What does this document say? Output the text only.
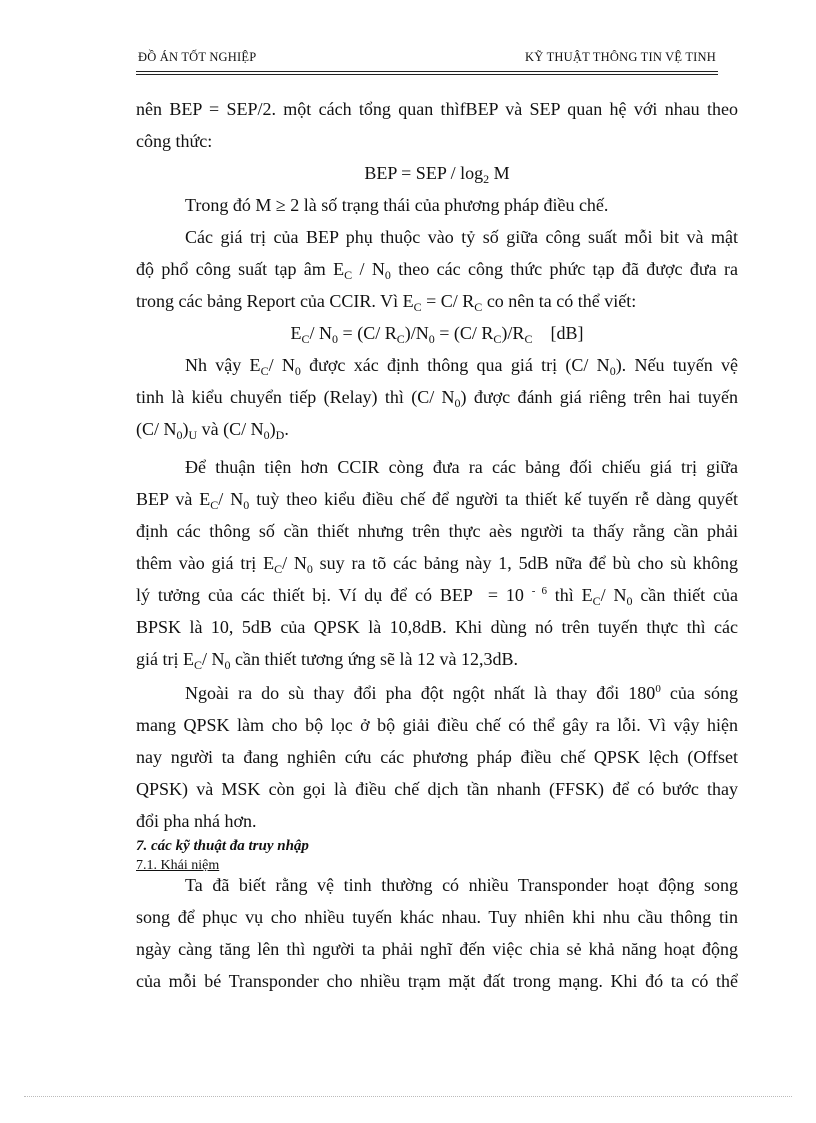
ĐỒ ÁN TỐT NGHIỆP	KỸ THUẬT THÔNG TIN VỆ TINH
nên BEP = SEP/2. một cách tổng quan thìfBEP và SEP quan hệ với nhau theo
công thức:
BEP = SEP / $\log_2 M$
Trong đó M ≥ 2 là số trạng thái của phương pháp điều chế.
Các giá trị của BEP phụ thuộc vào tỷ số giữa công suất mỗi bit và mật
độ phổ công suất tạp âm $E_C / N_0$ theo các công thức phức tạp đã được đưa ra
trong các bảng Report của CCIR. Vì $E_C = C/$ $R_C$ co nên ta có thể viết:
$E_C/$ $N_0 = (C/$ $R_C)/N_0 = (C/$ $R_C)/R_C$    [dB]
Nh vậy $E_C/$ $N_0$ được xác định thông qua giá trị (C/ $N_0$). Nếu tuyến vệ
tinh là kiểu chuyển tiếp (Relay) thì (C/ $N_0$) được đánh giá riêng trên hai tuyến
(C/ $N_0)_U$ và (C/ $N_0)_D$.
Để thuận tiện hơn CCIR còng đưa ra các bảng đối chiếu giá trị giữa
BEP và $E_C/$ $N_0$ tuỳ theo kiểu điều chế để người ta thiết kế tuyến rễ dàng quyết
định các thông số cần thiết nhưng trên thực aès người ta thấy rằng cần phải
thêm vào giá trị $E_C/$ $N_0$ suy ra tõ các bảng này 1, 5dB nữa để bù cho sù không
lý tưởng của các thiết bị. Ví dụ để có BEP  = 10 $^{- 6}$ thì $E_C/$ $N_0$ cần thiết của
BPSK là 10, 5dB của QPSK là 10,8dB. Khi dùng nó trên tuyến thực thì các
giá trị $E_C/$ $N_0$ cần thiết tương ứng sẽ là 12 và 12,3dB.
Ngoài ra do sù thay đổi pha đột ngột nhất là thay đổi $180^0$ của sóng
mang QPSK làm cho bộ lọc ở bộ giải điều chế có thể gây ra lỗi. Vì vậy hiện
nay người ta đang nghiên cứu các phương pháp điều chế QPSK lệch (Offset
QPSK) và MSK còn gọi là điều chế dịch tần nhanh (FFSK) để có bước thay
đổi pha nhá hơn.
Ta đã biết rằng vệ tinh thường có nhiều Transponder hoạt động song
song để phục vụ cho nhiều tuyến khác nhau. Tuy nhiên khi nhu cầu thông tin
ngày càng tăng lên thì người ta phải nghĩ đến việc chia sẻ khả năng hoạt động
của mỗi bé Transponder cho nhiều trạm mặt đất trong mạng. Khi đó ta có thể
7. các kỹ thuật đa truy nhập
7.1. Khái niệm
